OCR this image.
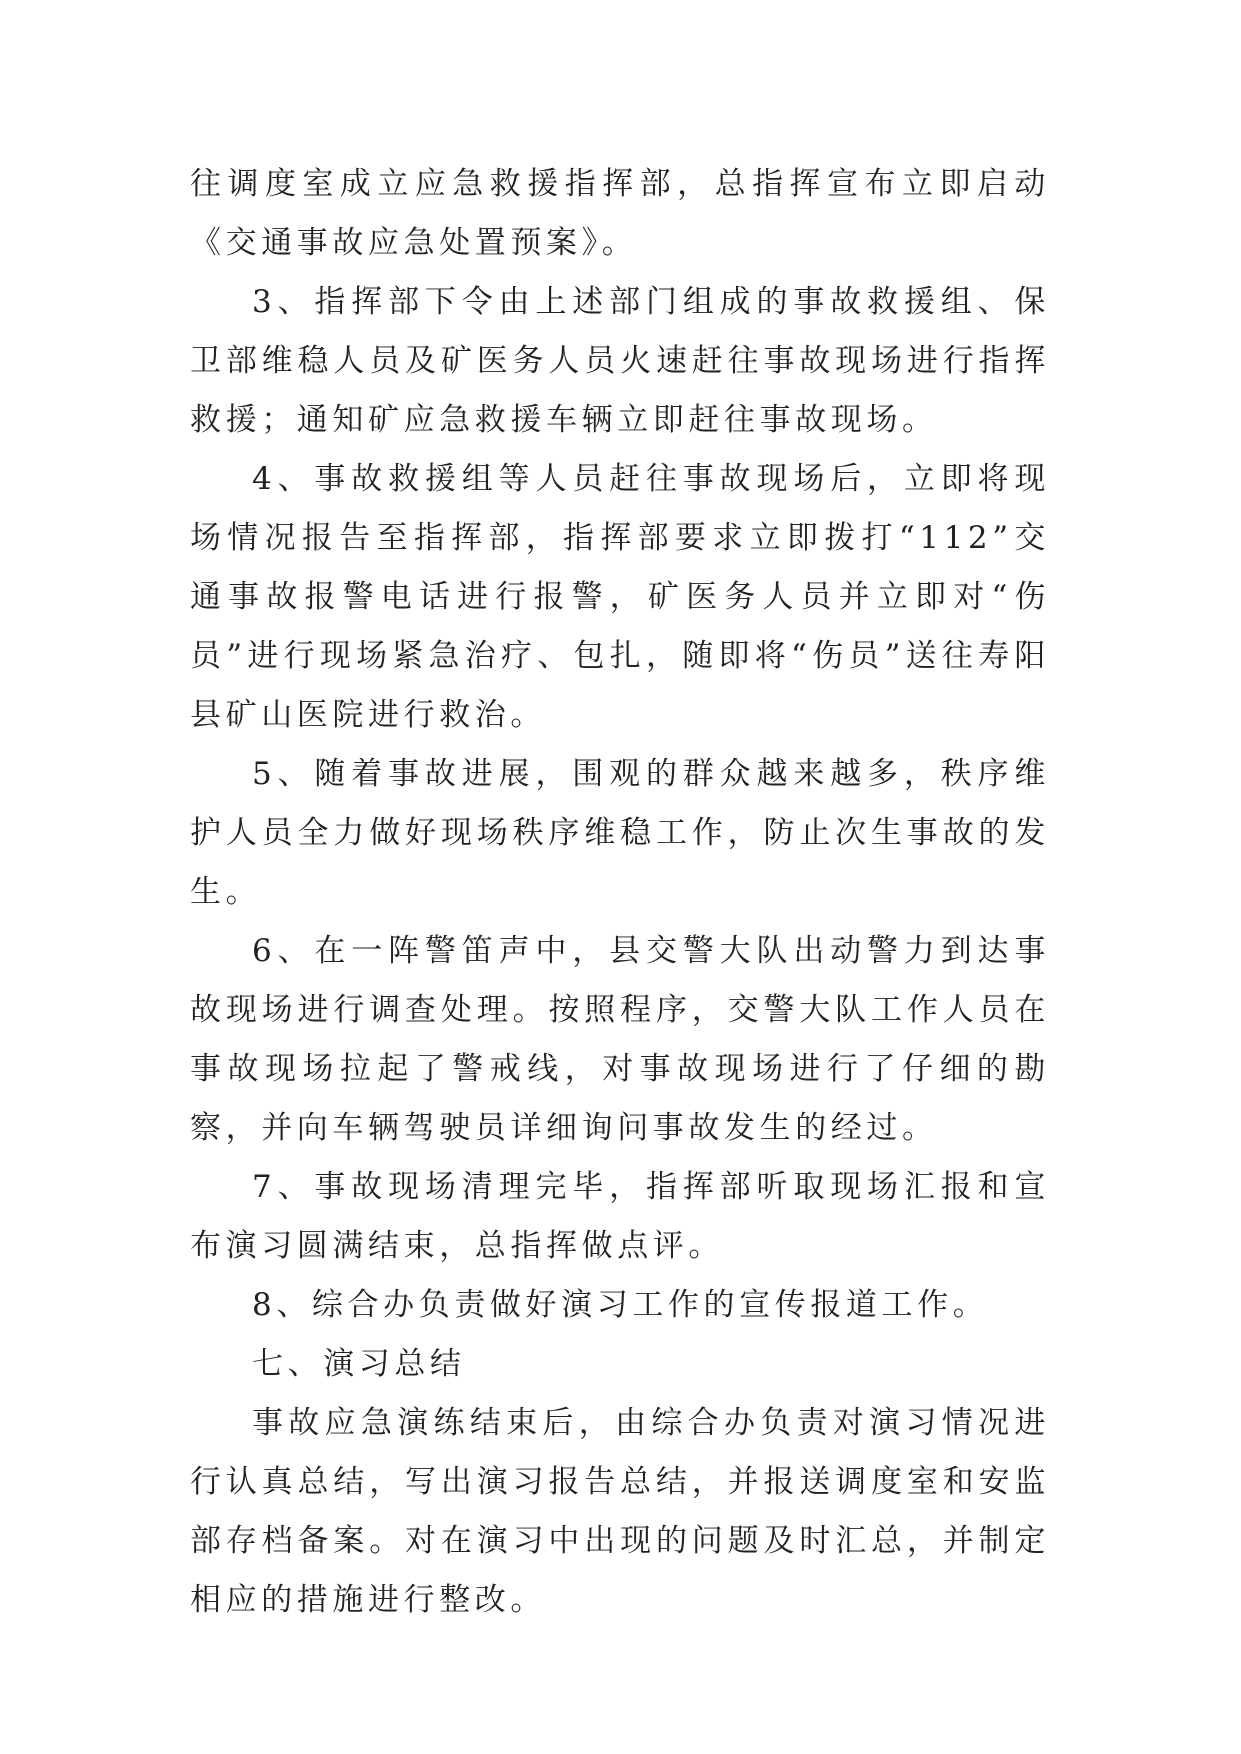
往调度室成立应急救援指挥部，总指挥宣布立即启动《交通事故应急处置预案》。

3、指挥部下令由上述部门组成的事故救援组、保卫部维稳人员及矿医务人员火速赶往事故现场进行指挥救援；通知矿应急救援车辆立即赶往事故现场。

4、事故救援组等人员赶往事故现场后，立即将现场情况报告至指挥部，指挥部要求立即拨打“112”交通事故报警电话进行报警，矿医务人员并立即对“伤员”进行现场紧急治疗、包扎，随即将“伤员”送往寿阳县矿山医院进行救治。

5、随着事故进展，围观的群众越来越多，秩序维护人员全力做好现场秩序维稳工作，防止次生事故的发生。

6、在一阵警笛声中，县交警大队出动警力到达事故现场进行调查处理。按照程序，交警大队工作人员在事故现场拉起了警戒线，对事故现场进行了仔细的勘察，并向车辆驾驶员详细询问事故发生的经过。

7、事故现场清理完毕，指挥部听取现场汇报和宣布演习圆满结束，总指挥做点评。

8、综合办负责做好演习工作的宣传报道工作。

七、演习总结

事故应急演练结束后，由综合办负责对演习情况进行认真总结，写出演习报告总结，并报送调度室和安监部存档备案。对在演习中出现的问题及时汇总，并制定相应的措施进行整改。
